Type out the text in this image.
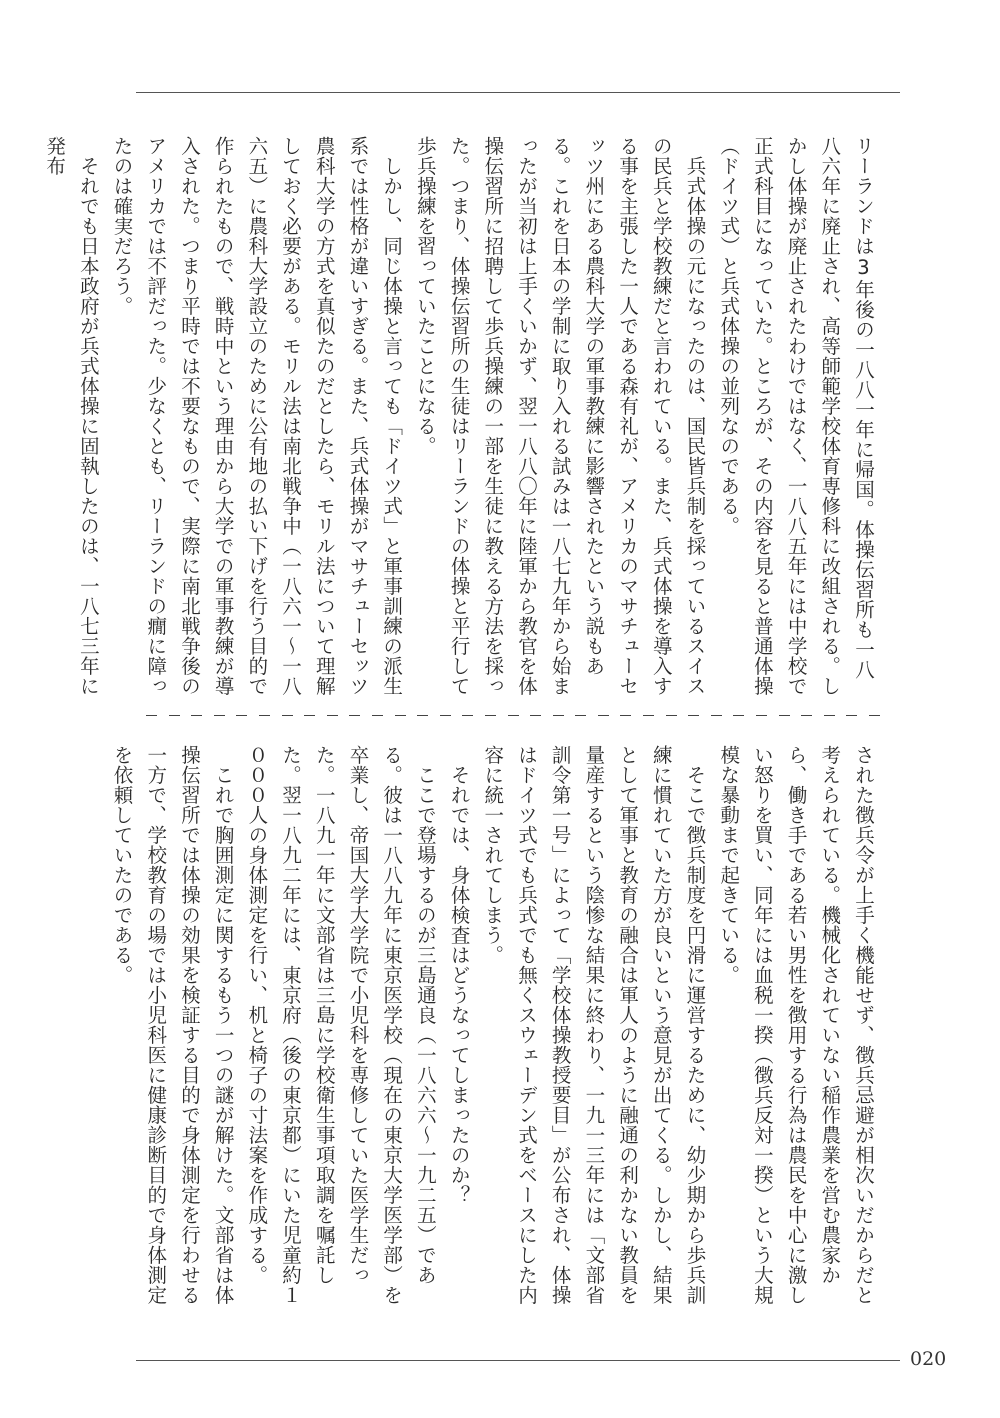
リーランドは3年後の一八八一年に帰国。体操伝習所も一八八六年に廃止され、高等師範学校体育専修科に改組される。しかし体操が廃止されたわけではなく、一八八五年には中学校で正式科目になっていた。ところが、その内容を見ると普通体操（ドイツ式）と兵式体操の並列なのである。

　兵式体操の元になったのは、国民皆兵制を採っているスイスの民兵と学校教練だと言われている。また、兵式体操を導入する事を主張した一人である森有礼が、アメリカのマサチューセッツ州にある農科大学の軍事教練に影響されたという説もある。これを日本の学制に取り入れる試みは一八七九年から始まったが当初は上手くいかず、翌一八八〇年に陸軍から教官を体操伝習所に招聘して歩兵操練の一部を生徒に教える方法を採った。つまり、体操伝習所の生徒はリーランドの体操と平行して歩兵操練を習っていたことになる。

　しかし、同じ体操と言っても「ドイツ式」と軍事訓練の派生系では性格が違いすぎる。また、兵式体操がマサチューセッツ農科大学の方式を真似たのだとしたら、モリル法について理解しておく必要がある。モリル法は南北戦争中（一八六一～一八六五）に農科大学設立のために公有地の払い下げを行う目的で作られたもので、戦時中という理由から大学での軍事教練が導入された。つまり平時では不要なもので、実際に南北戦争後のアメリカでは不評だった。少なくとも、リーランドの癇に障ったのは確実だろう。

　それでも日本政府が兵式体操に固執したのは、一八七三年に発布

された徴兵令が上手く機能せず、徴兵忌避が相次いだからだと考えられている。機械化されていない稲作農業を営む農家から、働き手である若い男性を徴用する行為は農民を中心に激しい怒りを買い、同年には血税一揆（徴兵反対一揆）という大規模な暴動まで起きている。

　そこで徴兵制度を円滑に運営するために、幼少期から歩兵訓練に慣れていた方が良いという意見が出てくる。しかし、結果として軍事と教育の融合は軍人のように融通の利かない教員を量産するという陰惨な結果に終わり、一九一三年には「文部省訓令第一号」によって「学校体操教授要目」が公布され、体操はドイツ式でも兵式でも無くスウェーデン式をベースにした内容に統一されてしまう。

　それでは、身体検査はどうなってしまったのか？

　ここで登場するのが三島通良（一八六六～一九二五）である。彼は一八八九年に東京医学校（現在の東京大学医学部）を卒業し、帝国大学大学院で小児科を専修していた医学生だった。一八九一年に文部省は三島に学校衛生事項取調を嘱託した。翌一八九二年には、東京府（後の東京都）にいた児童約１０００人の身体測定を行い、机と椅子の寸法案を作成する。

　これで胸囲測定に関するもう一つの謎が解けた。文部省は体操伝習所では体操の効果を検証する目的で身体測定を行わせる一方で、学校教育の場では小児科医に健康診断目的で身体測定を依頼していたのである。

020
